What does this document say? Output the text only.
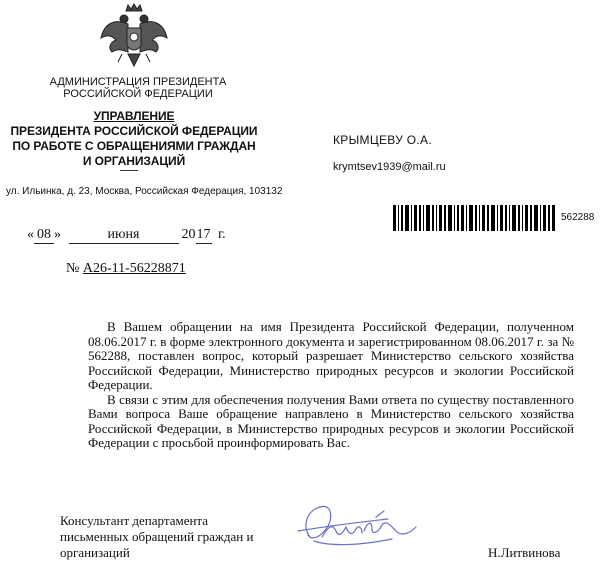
АДМИНИСТРАЦИЯ ПРЕЗИДЕНТА
РОССИЙСКОЙ ФЕДЕРАЦИИ
УПРАВЛЕНИЕ
ПРЕЗИДЕНТА РОССИЙСКОЙ ФЕДЕРАЦИИ
ПО РАБОТЕ С ОБРАЩЕНИЯМИ ГРАЖДАН
И ОРГАНИЗАЦИЙ
ул. Ильинка, д. 23, Москва, Российская Федерация, 103132
КРЫМЦЕВУ О.А.
krymtsev1939@mail.ru
562288
« 08 »	июня	2017 г.
№ А26-11-56228871

В Вашем обращении на имя Президента Российской Федерации, полученном 08.06.2017 г. в форме электронного документа и зарегистрированном 08.06.2017 г. за № 562288, поставлен вопрос, который разрешает Министерство сельского хозяйства Российской Федерации, Министерство природных ресурсов и экологии Российской Федерации.

В связи с этим для обеспечения получения Вами ответа по существу поставленного Вами вопроса Ваше обращение направлено в Министерство сельского хозяйства Российской Федерации, в Министерство природных ресурсов и экологии Российской Федерации с просьбой проинформировать Вас.

Консультант департамента
письменных обращений граждан и
организаций	Н.Литвинова
